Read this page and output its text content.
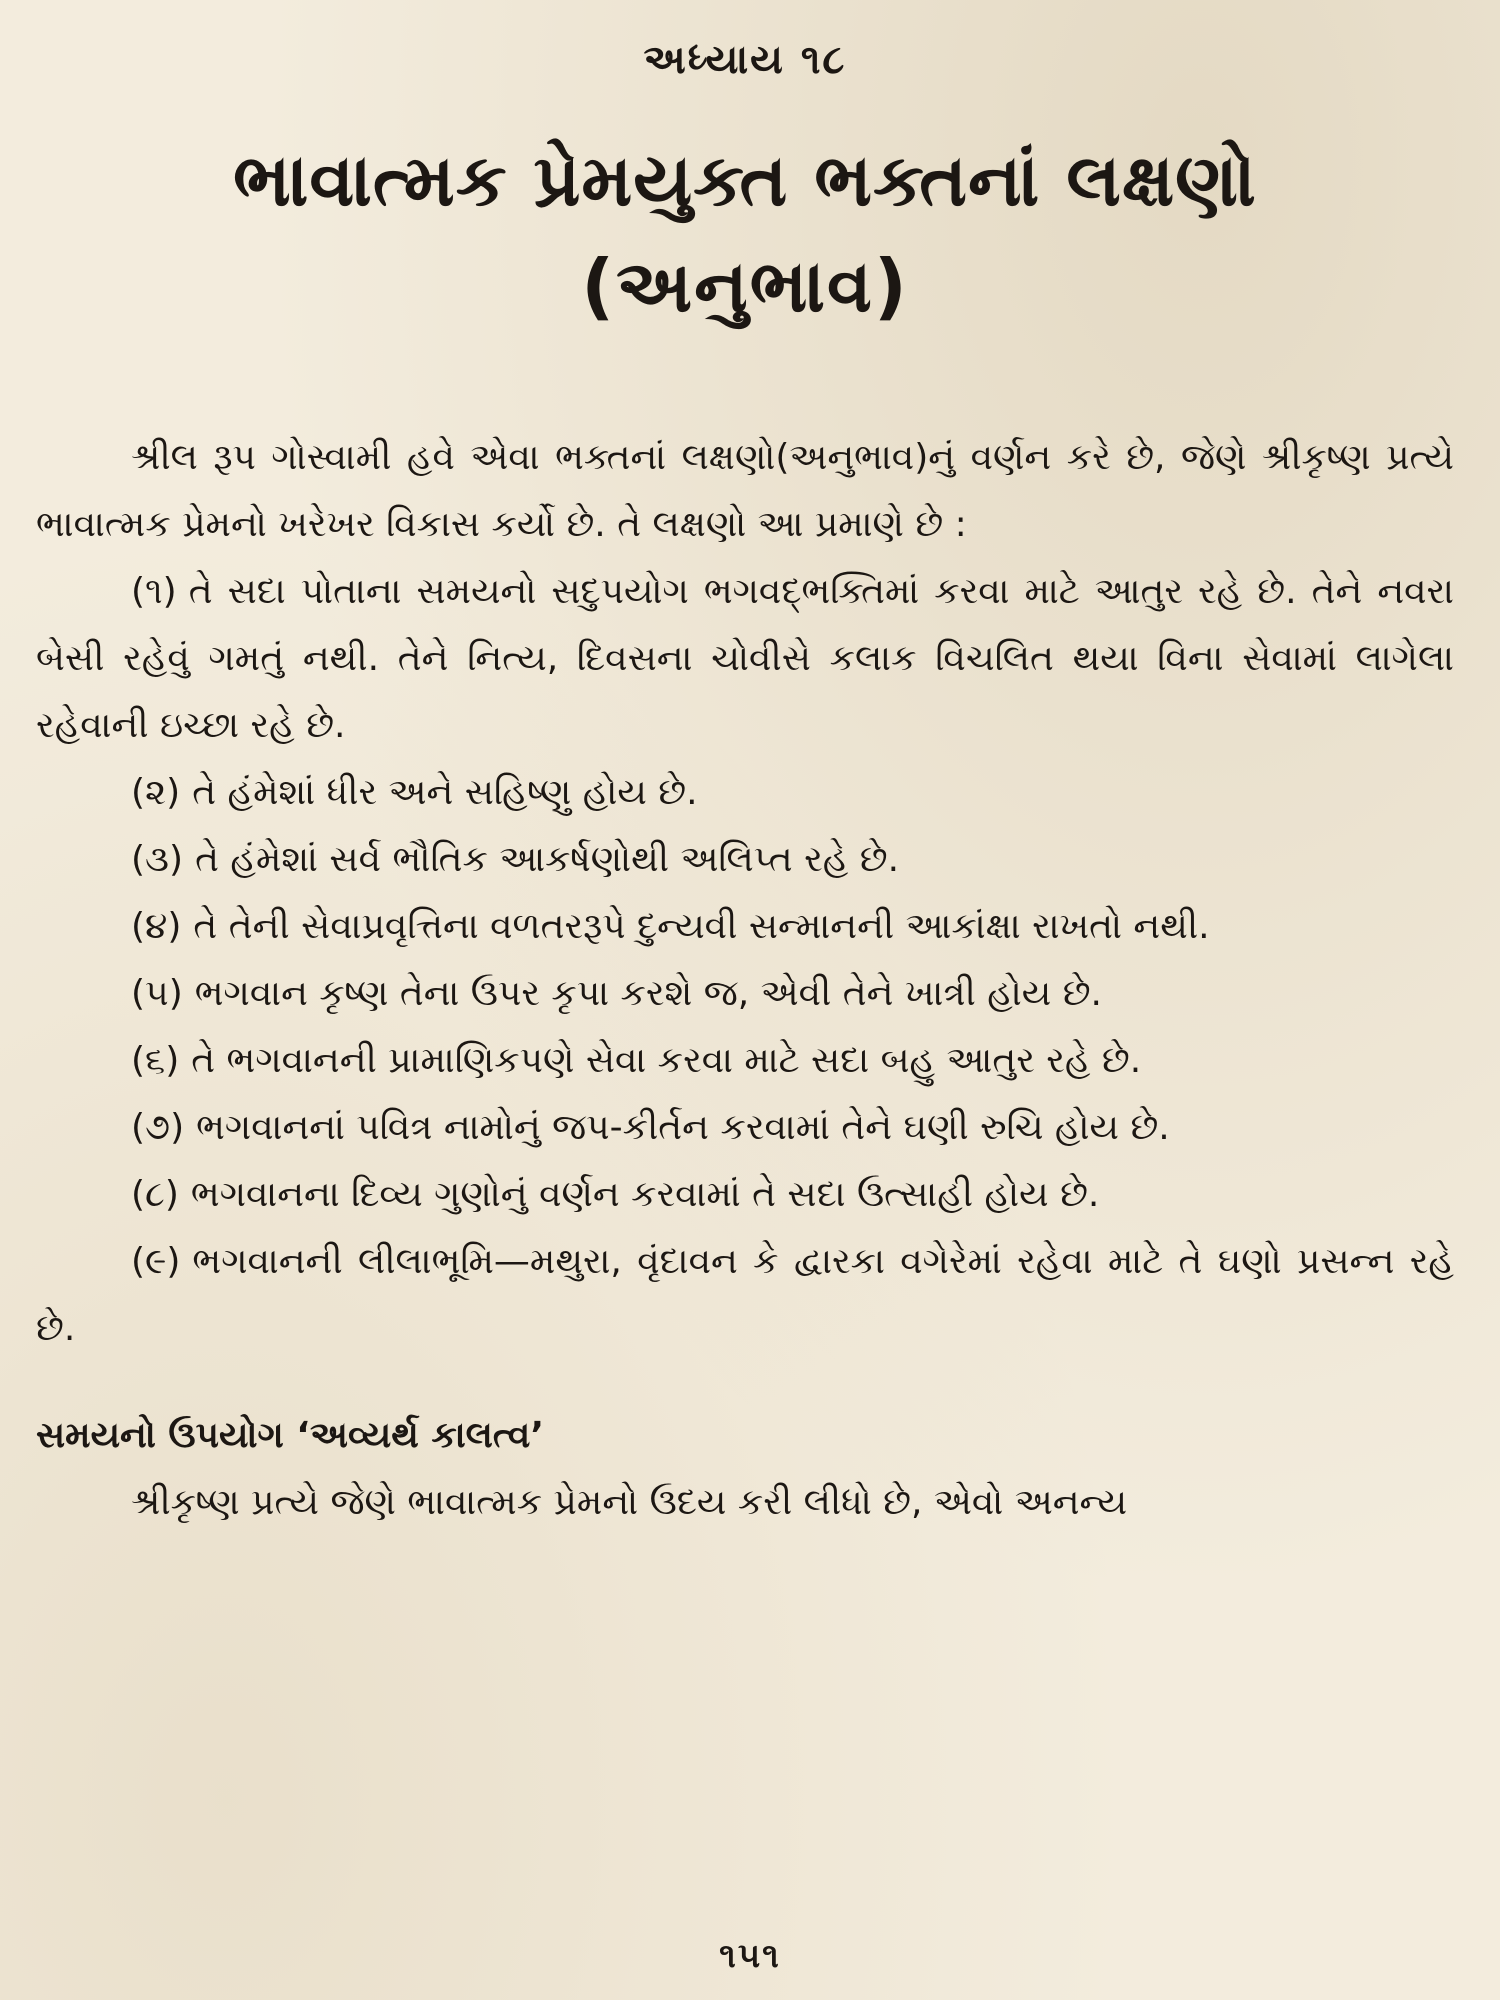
અધ્યાય ૧૮
ભાવાત્મક પ્રેમયુક્ત ભક્તનાં લક્ષણો
(અનુભાવ)

શ્રીલ રૂપ ગોસ્વામી હવે એવા ભક્તનાં લક્ષણો(અનુભાવ)નું વર્ણન કરે છે, જેણે શ્રીકૃષ્ણ પ્રત્યે ભાવાત્મક પ્રેમનો ખરેખર વિકાસ કર્યો છે. તે લક્ષણો આ પ્રમાણે છે :

(૧) તે સદા પોતાના સમયનો સદુપયોગ ભગવદ્ભક્તિમાં કરવા માટે આતુર રહે છે. તેને નવરા બેસી રહેવું ગમતું નથી. તેને નિત્ય, દિવસના ચોવીસે કલાક વિચલિત થયા વિના સેવામાં લાગેલા રહેવાની ઇચ્છા રહે છે.

(૨) તે હંમેશાં ધીર અને સહિષ્ણુ હોય છે.

(૩) તે હંમેશાં સર્વ ભૌતિક આકર્ષણોથી અલિપ્ત રહે છે.

(૪) તે તેની સેવાપ્રવૃત્તિના વળતરરૂપે દુન્યવી સન્માનની આકાંક્ષા રાખતો નથી.

(૫) ભગવાન કૃષ્ણ તેના ઉપર કૃપા કરશે જ, એવી તેને ખાત્રી હોય છે.

(૬) તે ભગવાનની પ્રામાણિકપણે સેવા કરવા માટે સદા બહુ આતુર રહે છે.

(૭) ભગવાનનાં પવિત્ર નામોનું જપ-કીર્તન કરવામાં તેને ઘણી રુચિ હોય છે.

(૮) ભગવાનના દિવ્ય ગુણોનું વર્ણન કરવામાં તે સદા ઉત્સાહી હોય છે.

(૯) ભગવાનની લીલાભૂમિ—મથુરા, વૃંદાવન કે દ્વારકા વગેરેમાં રહેવા માટે તે ઘણો પ્રસન્ન રહે છે.

સમયનો ઉપયોગ ‘અવ્યર્થ કાલત્વ’

શ્રીકૃષ્ણ પ્રત્યે જેણે ભાવાત્મક પ્રેમનો ઉદય કરી લીધો છે, એવો અનન્ય

૧૫૧
